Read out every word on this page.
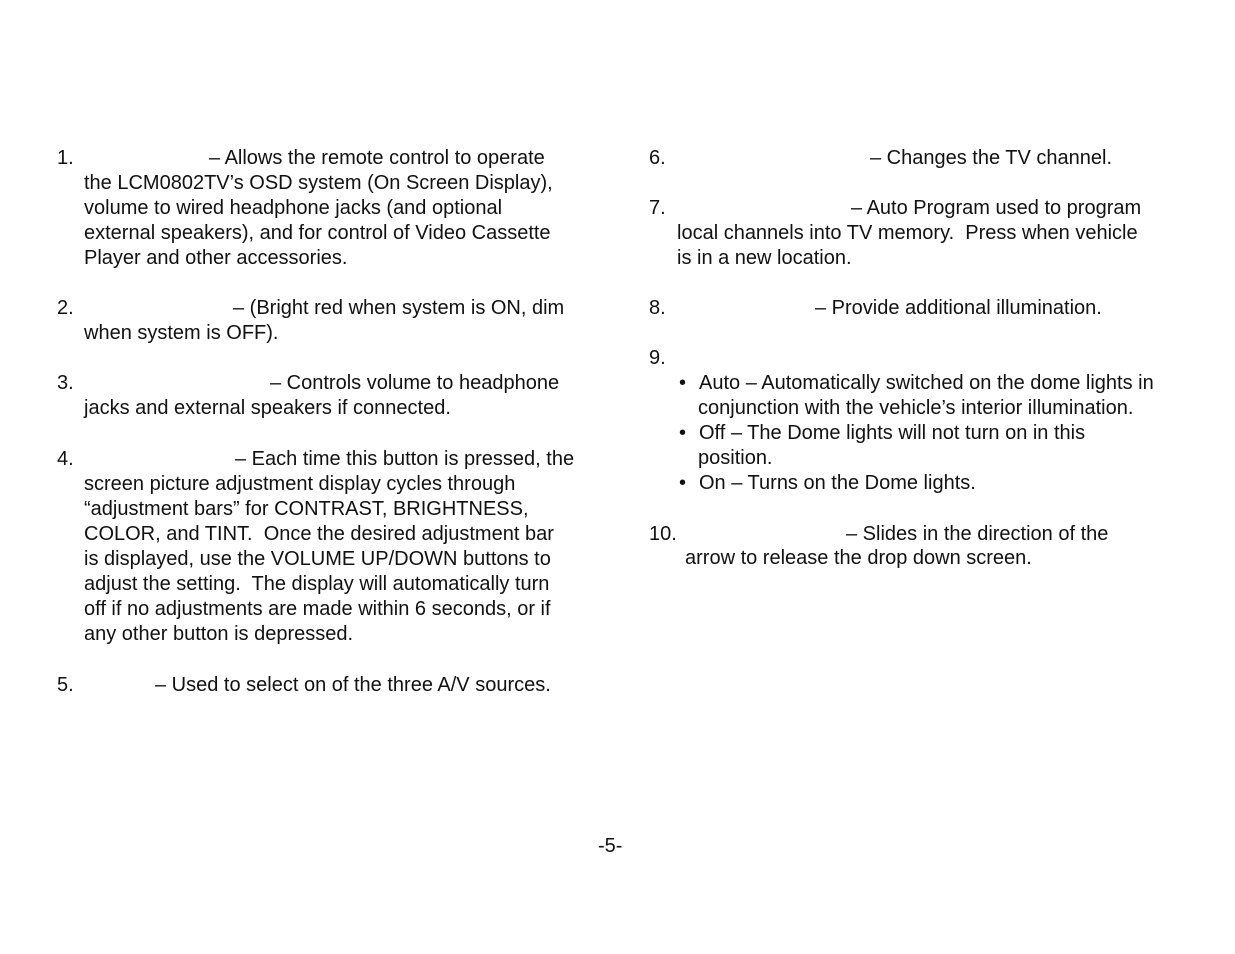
1.	– Allows the remote control to operate
the LCM0802TV’s OSD system (On Screen Display),
volume to wired headphone jacks (and optional
external speakers), and for control of Video Cassette
Player and other accessories.
2.	– (Bright red when system is ON, dim
when system is OFF).
3.	– Controls volume to headphone
jacks and external speakers if connected.
4.	– Each time this button is pressed, the
screen picture adjustment display cycles through
“adjustment bars” for CONTRAST, BRIGHTNESS,
COLOR, and TINT.  Once the desired adjustment bar
is displayed, use the VOLUME UP/DOWN buttons to
adjust the setting.  The display will automatically turn
off if no adjustments are made within 6 seconds, or if
any other button is depressed.
5.	– Used to select on of the three A/V sources.
6.	– Changes the TV channel.
7.	– Auto Program used to program
local channels into TV memory.  Press when vehicle
is in a new location.
8.	– Provide additional illumination.
9.
• Auto – Automatically switched on the dome lights in
conjunction with the vehicle’s interior illumination.
• Off – The Dome lights will not turn on in this
position.
• On – Turns on the Dome lights.
10.	– Slides in the direction of the
arrow to release the drop down screen.
-5-
